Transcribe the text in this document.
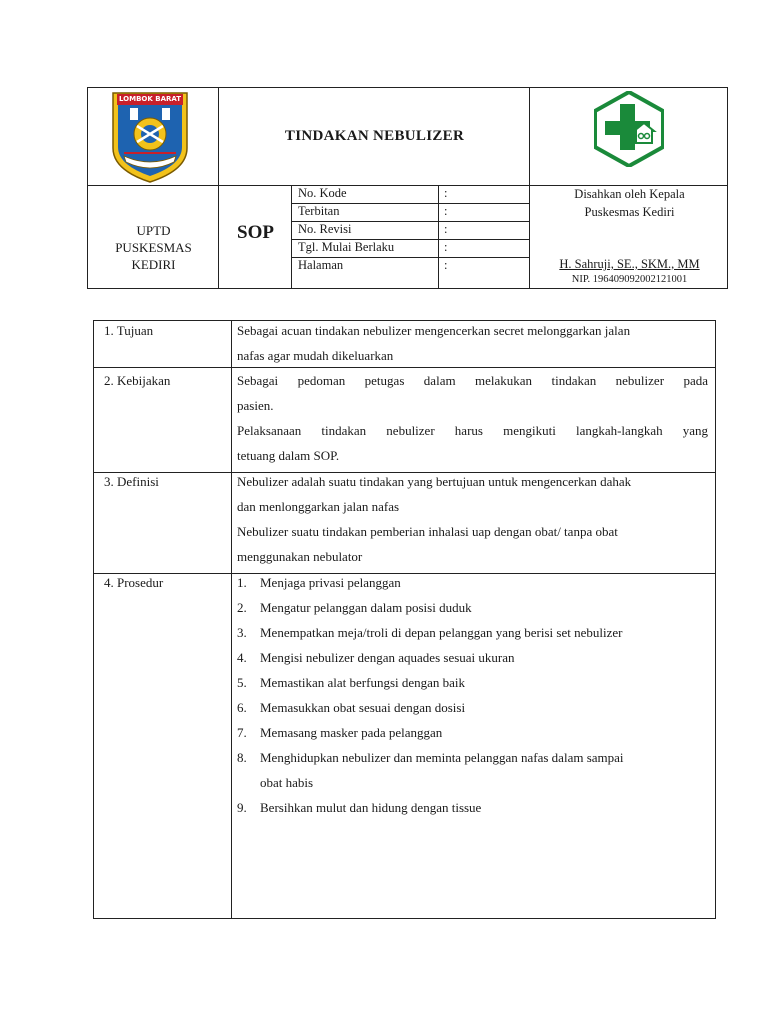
LOMBOK BARAT
TINDAKAN NEBULIZER
UPTD
PUSKESMAS
KEDIRI
SOP
No. Kode	:
Terbitan	:
No. Revisi	:
Tgl. Mulai Berlaku	:
Halaman	:
Disahkan oleh Kepala
Puskesmas Kediri
H. Sahruji, SE., SKM., MM
NIP. 196409092002121001
1. Tujuan	Sebagai acuan tindakan nebulizer mengencerkan secret melonggarkan jalan
nafas agar mudah dikeluarkan
2. Kebijakan	Sebagai pedoman petugas dalam melakukan tindakan nebulizer pada
pasien.
Pelaksanaan tindakan nebulizer harus mengikuti langkah-langkah yang
tetuang dalam SOP.
3. Definisi	Nebulizer adalah suatu tindakan yang bertujuan untuk mengencerkan dahak
dan menlonggarkan jalan nafas
Nebulizer suatu tindakan pemberian inhalasi uap dengan obat/ tanpa obat
menggunakan nebulator
4. Prosedur	1. Menjaga privasi pelanggan
2. Mengatur pelanggan dalam posisi duduk
3. Menempatkan meja/troli di depan pelanggan yang berisi set nebulizer
4. Mengisi nebulizer dengan aquades sesuai ukuran
5. Memastikan alat berfungsi dengan baik
6. Memasukkan obat sesuai dengan dosisi
7. Memasang masker pada pelanggan
8. Menghidupkan nebulizer dan meminta pelanggan nafas dalam sampai
obat habis
9. Bersihkan mulut dan hidung dengan tissue
